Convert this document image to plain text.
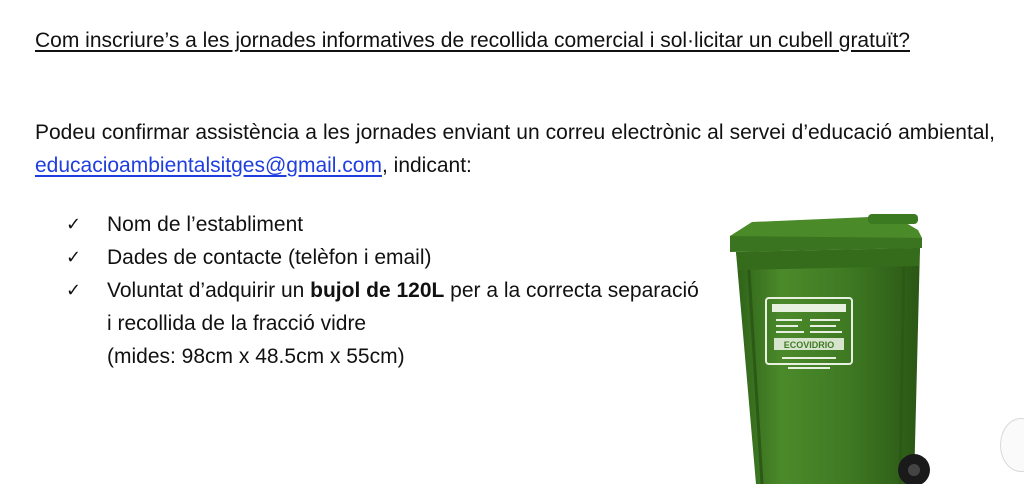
Com inscriure’s a les jornades informatives de recollida comercial i sol·licitar un cubell gratuït?
Podeu confirmar assistència a les jornades enviant un correu electrònic al servei d’educació ambiental, educacioambientalsitges@gmail.com, indicant:
✓ Nom de l’establiment
✓ Dades de contacte (telèfon i email)
✓ Voluntat d’adquirir un bujol de 120L per a la correcta separació i recollida de la fracció vidre
(mides: 98cm x 48.5cm x 55cm)	ECOVIDRIO
